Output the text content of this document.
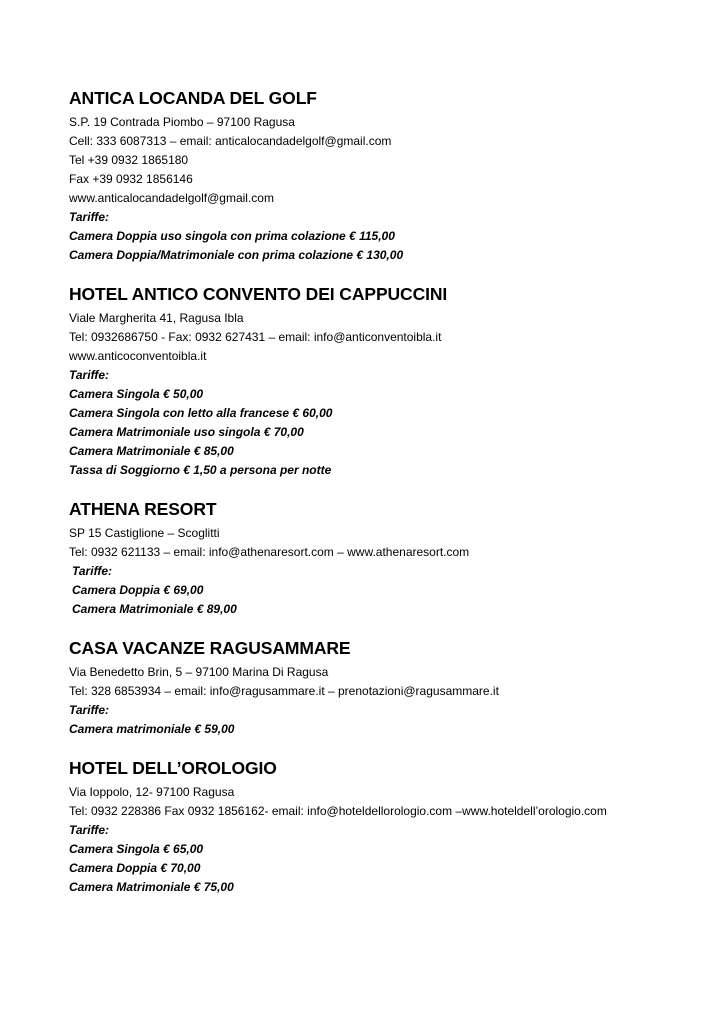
ANTICA LOCANDA DEL GOLF
S.P. 19 Contrada Piombo – 97100 Ragusa
Cell: 333 6087313 – email: anticalocandadelgolf@gmail.com
Tel +39 0932 1865180
Fax +39 0932 1856146
www.anticalocandadelgolf@gmail.com
Tariffe:
Camera Doppia uso singola con prima colazione € 115,00
Camera Doppia/Matrimoniale con prima colazione € 130,00
HOTEL ANTICO CONVENTO DEI CAPPUCCINI
Viale Margherita 41, Ragusa Ibla
Tel: 0932686750 - Fax: 0932 627431 – email: info@anticonventoibla.it
www.anticoconventoibla.it
Tariffe:
Camera Singola € 50,00
Camera Singola con letto alla francese € 60,00
Camera Matrimoniale uso singola € 70,00
Camera Matrimoniale € 85,00
Tassa di Soggiorno € 1,50 a persona per notte
ATHENA RESORT
SP 15 Castiglione – Scoglitti
Tel: 0932 621133 – email: info@athenaresort.com – www.athenaresort.com
Tariffe:
Camera Doppia € 69,00
Camera Matrimoniale € 89,00
CASA VACANZE RAGUSAMMARE
Via Benedetto Brin, 5 – 97100 Marina Di Ragusa
Tel: 328 6853934 – email: info@ragusammare.it – prenotazioni@ragusammare.it
Tariffe:
Camera matrimoniale € 59,00
HOTEL DELL’OROLOGIO
Via Ioppolo, 12- 97100 Ragusa
Tel: 0932 228386 Fax 0932 1856162- email: info@hoteldellorologio.com –www.hoteldell’orologio.com
Tariffe:
Camera Singola € 65,00
Camera Doppia € 70,00
Camera Matrimoniale € 75,00
